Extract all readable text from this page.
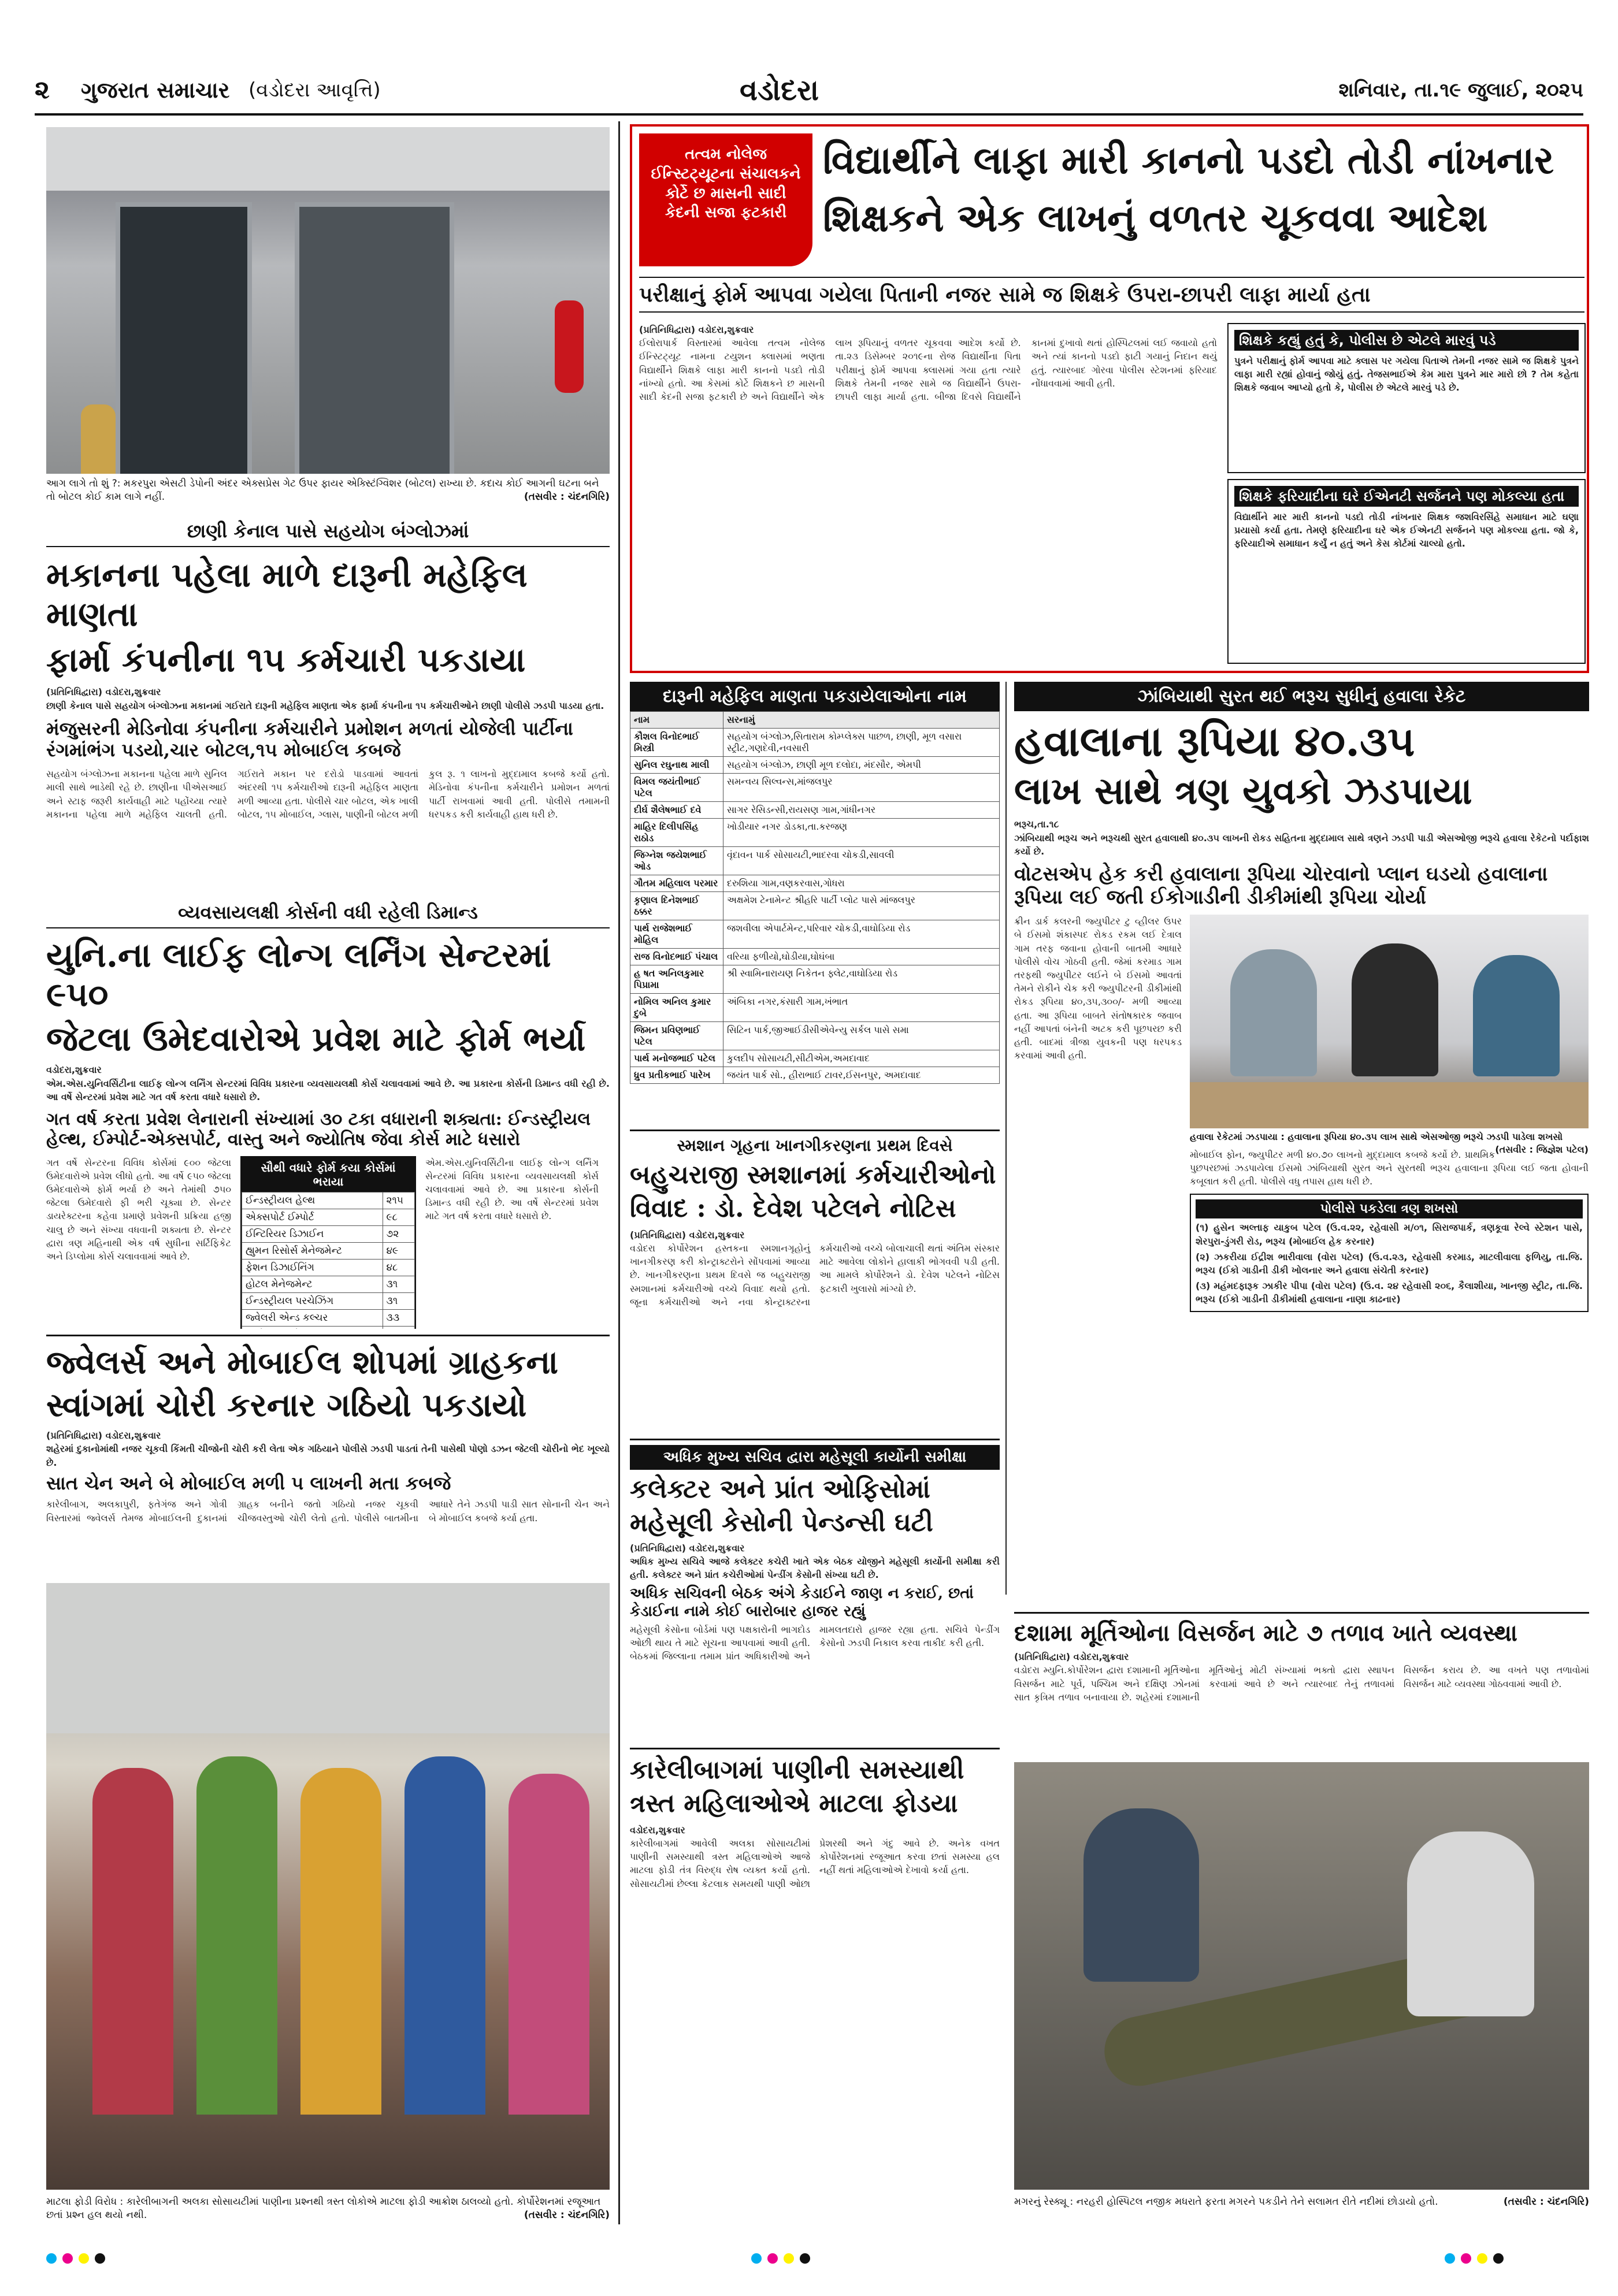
૨ ગુજરાત સમાચાર (વડોદરા આવૃત્તિ)	વડોદરા	શનિવાર, તા.૧૯ જુલાઈ, ૨૦૨૫
આગ લાગે તો શું ?: મકરપુરા એસટી ડેપોની અંદર એક્સપ્રેસ ગેટ ઉપર ફાયર એક્સ્ટિંગ્વિશર (બોટલ) રાખ્યા છે. કદાચ કોઈ આગની ઘટના બને તો બોટલ કોઈ કામ લાગે નહીં.	(તસવીર : ચંદનગિરિ)
છાણી કેનાલ પાસે સહયોગ બંગ્લોઝમાં
મકાનના પહેલા માળે દારૂની મહેફિલ માણતા
ફાર્મા કંપનીના ૧૫ કર્મચારી પકડાયા
(પ્રતિનિધિદ્વારા) વડોદરા,શુક્રવાર
છાણી કેનાલ પાસે સહયોગ બંગ્લોઝના મકાનમાં ગઈરાતે દારૂની મહેફિલ માણતા એક ફાર્મા કંપનીના ૧૫ કર્મચારીઓને છાણી પોલીસે ઝડપી પાડયા હતા.
મંજુસરની મેડિનોવા કંપનીના કર્મચારીને પ્રમોશન મળતાં યોજેલી પાર્ટીના રંગમાંભંગ પડયો,ચાર બોટલ,૧૫ મોબાઈલ કબજે
સહયોગ બંગ્લોઝના મકાનના પહેલા માળે સુનિલ માલી સાથે ભાડેથી રહે છે. છાણીના પીએસઆઈ અને સ્ટાફ જરૂરી કાર્યવાહી માટે પહોંચ્યા ત્યારે મકાનના પહેલા માળે મહેફિલ ચાલતી હતી. ગઈરાતે મકાન પર દરોડો પાડવામાં આવતાં અંદરથી ૧૫ કર્મચારીઓ દારૂની મહેફિલ માણતા મળી આવ્યા હતા. પોલીસે ચાર બોટલ, એક ખાલી બોટલ, ૧૫ મોબાઈલ, ગ્લાસ, પાણીની બોટલ મળી કુલ રૂ. ૧ લાખનો મુદ્દામાલ કબજે કર્યો હતો. મેડિનોવા કંપનીના કર્મચારીને પ્રમોશન મળતાં પાર્ટી રાખવામાં આવી હતી. પોલીસે તમામની ધરપકડ કરી કાર્યવાહી હાથ ધરી છે.
વ્યવસાયલક્ષી કોર્સની વધી રહેલી ડિમાન્ડ
યુનિ.ના લાઈફ લોન્ગ લર્નિંગ સેન્ટરમાં ૯૫૦
જેટલા ઉમેદવારોએ પ્રવેશ માટે ફોર્મ ભર્યા
વડોદરા,શુક્રવાર
એમ.એસ.યુનિવર્સિટીના લાઈફ લોન્ગ લર્નિંગ સેન્ટરમાં વિવિધ પ્રકારના વ્યવસાયલક્ષી કોર્સ ચલાવવામાં આવે છે. આ પ્રકારના કોર્સની ડિમાન્ડ વધી રહી છે. આ વર્ષે સેન્ટરમાં પ્રવેશ માટે ગત વર્ષ કરતા વધારે ધસારો છે.
ગત વર્ષ કરતા પ્રવેશ લેનારાની સંખ્યામાં ૩૦ ટકા વધારાની શક્યતા: ઈન્ડસ્ટ્રીયલ હેલ્થ, ઈમ્પોર્ટ-એક્સપોર્ટ, વાસ્તુ અને જ્યોતિષ જેવા કોર્સ માટે ધસારો
ગત વર્ષે સેન્ટરના વિવિધ કોર્સમાં ૯૦૦ જેટલા ઉમેદવારોએ પ્રવેશ લીધો હતો. આ વર્ષે ૯૫૦ જેટલા ઉમેદવારોએ ફોર્મ ભર્યા છે અને તેમાંથી ૭૫૦ જેટલા ઉમેદવારો ફી ભરી ચૂક્યા છે. સેન્ટર ડાયરેક્ટરના કહેવા પ્રમાણે પ્રવેશની પ્રક્રિયા હજી ચાલુ છે અને સંખ્યા વધવાની શક્યતા છે. સેન્ટર દ્વારા ત્રણ મહિનાથી એક વર્ષ સુધીના સર્ટિફિકેટ અને ડિપ્લોમા કોર્સ ચલાવવામાં આવે છે.
સૌથી વધારે ફોર્મ કયા કોર્સમાં ભરાયા
ઈન્ડસ્ટ્રીયલ હેલ્થ	૨૧૫
એક્સપોર્ટ ઈમ્પોર્ટ	૯૮
ઈન્ટિરિયર ડિઝાઈન	૭૨
હ્યુમન રિસોર્સ મેનેજમેન્ટ	૪૯
ફેશન ડિઝાઈનિંગ	૪૮
હોટલ મેનેજમેન્ટ	૩૧
ઈન્ડસ્ટ્રીયલ પરચેઝિંગ	૩૧
જ્વેલરી એન્ડ કલ્ચર	૩૩

એમ.એસ.યુનિવર્સિટીના લાઈફ લોન્ગ લર્નિંગ સેન્ટરમાં વિવિધ પ્રકારના વ્યવસાયલક્ષી કોર્સ ચલાવવામાં આવે છે. આ પ્રકારના કોર્સની ડિમાન્ડ વધી રહી છે. આ વર્ષે સેન્ટરમાં પ્રવેશ માટે ગત વર્ષ કરતા વધારે ધસારો છે.
જ્વેલર્સ અને મોબાઈલ શોપમાં ગ્રાહકના
સ્વાંગમાં ચોરી કરનાર ગઠિયો પકડાયો
(પ્રતિનિધિદ્વારા) વડોદરા,શુક્રવાર
શહેરમાં દુકાનોમાંથી નજર ચૂકવી કિંમતી ચીજોની ચોરી કરી લેતા એક ગઠિયાને પોલીસે ઝડપી પાડતાં તેની પાસેથી પોણો ડઝન જેટલી ચોરીનો ભેદ ખૂલ્યો છે.
સાત ચેન અને બે મોબાઈલ મળી ૫ લાખની મતા કબજે
કારેલીબાગ, અલકાપુરી, ફતેગંજ અને ગોત્રી વિસ્તારમાં જ્વેલર્સ તેમજ મોબાઈલની દુકાનમાં ગ્રાહક બનીને જતો ગઠિયો નજર ચૂકવી ચીજવસ્તુઓ ચોરી લેતો હતો. પોલીસે બાતમીના આધારે તેને ઝડપી પાડી સાત સોનાની ચેન અને બે મોબાઈલ કબજે કર્યા હતા.
માટલા ફોડી વિરોધ : કારેલીબાગની અલકા સોસાયટીમાં પાણીના પ્રશ્નથી ત્રસ્ત લોકોએ માટલા ફોડી આક્રોશ ઠાલવ્યો હતો. કોર્પોરેશનમાં રજૂઆત છતાં પ્રશ્ન હલ થયો નથી.	(તસવીર : ચંદનગિરિ)
તત્વમ નોલેજ ઈન્સ્ટિટ્યૂટના સંચાલકને કોર્ટે છ માસની સાદી કેદની સજા ફટકારી
વિદ્યાર્થીને લાફા મારી કાનનો પડદો તોડી નાંખનાર
શિક્ષકને એક લાખનું વળતર ચૂકવવા આદેશ
પરીક્ષાનું ફોર્મ આપવા ગયેલા પિતાની નજર સામે જ શિક્ષકે ઉપરા-છાપરી લાફા માર્યા હતા
(પ્રતિનિધિદ્વારા) વડોદરા,શુક્રવાર
ઈલોરાપાર્ક વિસ્તારમાં આવેલા તત્વમ નોલેજ ઈન્સ્ટિટ્યૂટ નામના ટયુશન ક્લાસમાં ભણતા વિદ્યાર્થીને શિક્ષકે લાફા મારી કાનનો પડદો તોડી નાંખ્યો હતો. આ કેસમાં કોર્ટે શિક્ષકને છ માસની સાદી કેદની સજા ફટકારી છે અને વિદ્યાર્થીને એક લાખ રૂપિયાનું વળતર ચૂકવવા આદેશ કર્યો છે. તા.૨૩ ડિસેમ્બર ૨૦૧૯ના રોજ વિદ્યાર્થીના પિતા પરીક્ષાનું ફોર્મ આપવા ક્લાસમાં ગયા હતા ત્યારે શિક્ષકે તેમની નજર સામે જ વિદ્યાર્થીને ઉપરા-છાપરી લાફા માર્યા હતા. બીજા દિવસે વિદ્યાર્થીને કાનમાં દુખાવો થતાં હોસ્પિટલમાં લઈ જવાયો હતો અને ત્યાં કાનનો પડદો ફાટી ગયાનું નિદાન થયું હતું. ત્યારબાદ ગોરવા પોલીસ સ્ટેશનમાં ફરિયાદ નોંધાવવામાં આવી હતી.
શિક્ષકે કહ્યું હતું કે, પોલીસ છે એટલે મારવું પડે
પુત્રને પરીક્ષાનું ફોર્મ આપવા માટે ક્લાસ પર ગયેલા પિતાએ તેમની નજર સામે જ શિક્ષકે પુત્રને લાફા મારી રહ્યાં હોવાનું જોયું હતું. તેજસભાઈએ કેમ મારા પુત્રને માર મારો છો ? તેમ કહેતા શિક્ષકે જવાબ આપ્યો હતો કે, પોલીસ છે એટલે મારવું પડે છે.
શિક્ષકે ફરિયાદીના ઘરે ઈએનટી સર્જનને પણ મોકલ્યા હતા
વિદ્યાર્થીને માર મારી કાનનો પડદો તોડી નાંખનાર શિક્ષક જશવિરસિંહે સમાધાન માટે ઘણા પ્રયાસો કર્યા હતા. તેમણે ફરિયાદીના ઘરે એક ઈએનટી સર્જનને પણ મોકલ્યા હતા. જો કે, ફરિયાદીએ સમાધાન કર્યું ન હતું અને કેસ કોર્ટમાં ચાલ્યો હતો.
દારૂની મહેફિલ માણતા પકડાયેલાઓના નામ
નામ	સરનામું
કૌશલ વિનોદભાઈ મિસ્ત્રી	સહયોગ બંગ્લોઝ,સિતારામ કોમ્પ્લેક્સ પાછળ, છાણી, મૂળ વસારા સ્ટ્રીટ,ગણદેવી,નવસારી
સુનિલ રઘુનાથ માલી	સહયોગ બંગ્લોઝ, છાણી મૂળ દલોદા, મંદસૌર, એમપી
વિમલ જયંતીભાઈ પટેલ	સમન્વય સિલ્વન્સ,માંજલપુર
દીર્ઘ શૈલેષભાઈ દવે	સાગર રેસિડન્સી,રાયસણ ગામ,ગાંધીનગર
માહિર દિલીપસિંહ રાઠોડ	ખોડીયાર નગર ડોડકા,તા.કરજણ
જિગ્નેશ જયેશભાઈ ઓડ	વૃંદાવન પાર્ક સોસાયટી,ભાદરવા ચોકડી,સાવલી
ગૌતમ મહિલાલ પરમાર	દરુશિયા ગામ,વણકરવાસ,ગોધરા
કૃણાલ દિનેશભાઈ ઠક્કર	અક્ષમેશ ટેનામેન્ટ શ્રીહરિ પાર્ટી પ્લોટ પાસે માંજલપુર
પાર્થ રાજેશભાઈ મોહિલ	જશવીલા એપાર્ટમેન્ટ,પરિવાર ચોકડી,વાઘોડિયા રોડ
રાજ વિનોદભાઈ પંચાલ	વરિયા ફળીયો,ઘોડીયા,ઘોઘંબા
હ ષત અનિલકુમાર પિપ્રામા	શ્રી સ્વામિનારાયણ નિકેતન ફ્લેટ,વાઘોડિયા રોડ
નોમિલ અનિલ કુમાર દુબે	અંબિકા નગર,કંસારી ગામ,ખંભાત
જિમન પ્રવિણભાઈ પટેલ	સિટિન પાર્ક,જીઆઈડીસીએવેન્યુ સર્કલ પાસે સમા
પાર્થ મનોજભાઈ પટેલ	કુલદીપ સોસાયટી,સીટીએમ,અમદાવાદ
ધ્રુવ પ્રતીકભાઈ પારેખ	જયંત પાર્ક સો., હીરાભાઈ ટાવર,ઈસનપુર, અમદાવાદ
સ્મશાન ગૃહના ખાનગીકરણના પ્રથમ દિવસે
બહુચરાજી સ્મશાનમાં કર્મચારીઓનો
વિવાદ : ડો. દેવેશ પટેલને નોટિસ
(પ્રતિનિધિદ્વારા) વડોદરા,શુક્રવાર
વડોદરા કોર્પોરેશન હસ્તકના સ્મશાનગૃહોનું ખાનગીકરણ કરી કોન્ટ્રાક્ટરોને સોંપવામાં આવ્યા છે. ખાનગીકરણના પ્રથમ દિવસે જ બહુચરાજી સ્મશાનમાં કર્મચારીઓ વચ્ચે વિવાદ થયો હતો. જૂના કર્મચારીઓ અને નવા કોન્ટ્રાક્ટરના કર્મચારીઓ વચ્ચે બોલાચાલી થતાં અંતિમ સંસ્કાર માટે આવેલા લોકોને હાલાકી ભોગવવી પડી હતી. આ મામલે કોર્પોરેશને ડો. દેવેશ પટેલને નોટિસ ફટકારી ખુલાસો માંગ્યો છે.
અધિક મુખ્ય સચિવ દ્વારા મહેસૂલી કાર્યોની સમીક્ષા
કલેક્ટર અને પ્રાંત ઓફિસોમાં
મહેસૂલી કેસોની પેન્ડન્સી ઘટી
(પ્રતિનિધિદ્વારા) વડોદરા,શુક્રવાર
અધિક મુખ્ય સચિવે આજે કલેક્ટર કચેરી ખાતે એક બેઠક યોજીને મહેસૂલી કાર્યોની સમીક્ષા કરી હતી. કલેક્ટર અને પ્રાંત કચેરીઓમાં પેન્ડીંગ કેસોની સંખ્યા ઘટી છે.
અધિક સચિવની બેઠક અંગે કેડાઈને જાણ ન કરાઈ, છતાં કેડાઈના નામે કોઈ બારોબાર હાજર રહ્યું
મહેસૂલી કેસોના બોર્ડમાં પણ પક્ષકારોની ભાગદોડ ઓછી થાય તે માટે સૂચના આપવામાં આવી હતી. બેઠકમાં જિલ્લાના તમામ પ્રાંત અધિકારીઓ અને મામલતદારો હાજર રહ્યા હતા. સચિવે પેન્ડીંગ કેસોનો ઝડપી નિકાલ કરવા તાકીદ કરી હતી.
કારેલીબાગમાં પાણીની સમસ્યાથી
ત્રસ્ત મહિલાઓએ માટલા ફોડયા
વડોદરા,શુક્રવાર
કારેલીબાગમાં આવેલી અલકા સોસાયટીમાં પાણીની સમસ્યાથી ત્રસ્ત મહિલાઓએ આજે માટલા ફોડી તંત્ર વિરુદ્ધ રોષ વ્યક્ત કર્યો હતો. સોસાયટીમાં છેલ્લા કેટલાક સમયથી પાણી ઓછા પ્રેશરથી અને ગંદુ આવે છે. અનેક વખત કોર્પોરેશનમાં રજૂઆત કરવા છતાં સમસ્યા હલ નહીં થતાં મહિલાઓએ દેખાવો કર્યા હતા.
ઝાંબિયાથી સુરત થઈ ભરૂચ સુધીનું હવાલા રેકેટ
હવાલાના રૂપિયા ૪૦.૩૫
લાખ સાથે ત્રણ યુવકો ઝડપાયા
ભરૂચ,તા.૧૮
ઝાંબિયાથી ભરૂચ અને ભરૂચથી સુરત હવાલાથી ૪૦.૩૫ લાખની રોકડ સહિતના મુદ્દામાલ સાથે ત્રણને ઝડપી પાડી એસઓજી ભરૂચે હવાલા રેકેટનો પર્દાફાશ કર્યો છે.
વોટસએપ હેક કરી હવાલાના રૂપિયા ચોરવાનો પ્લાન ઘડયો હવાલાના રૂપિયા લઈ જતી ઈકોગાડીની ડીકીમાંથી રૂપિયા ચોર્યા
ક્રીન ડાર્ક કલરની જ્યુપીટર ટુ વ્હીલર ઉપર બે ઈસમો શંકાસ્પદ રોકડ રકમ લઈ દેત્રાલ ગામ તરફ જવાના હોવાની બાતમી આધારે પોલીસે વોચ ગોઠવી હતી. જેમાં કરમાડ ગામ તરફથી જ્યુપીટર લઈને બે ઈસમો આવતાં તેમને રોકીને ચેક કરી જ્યુપીટરની ડીકીમાંથી રોકડ રૂપિયા ૪૦,૩૫,૩૦૦/- મળી આવ્યા હતા. આ રૂપિયા બાબતે સંતોષકારક જવાબ નહીં આપતાં બંનેની અટક કરી પૂછપરછ કરી હતી. બાદમાં ત્રીજા યુવકની પણ ધરપકડ કરવામાં આવી હતી.
હવાલા રેકેટમાં ઝડપાયા : હવાલાના રૂપિયા ૪૦.૩૫ લાખ સાથે એસઓજી ભરૂચે ઝડપી પાડેલા શખસો
(તસવીર : જિજ્ઞેશ પટેલ)
મોબાઈલ ફોન, જ્યુપીટર મળી ૪૦.૭૦ લાખનો મુદ્દામાલ કબજે કર્યો છે. પ્રાથમિક પુછપરછમાં ઝડપાયેલા ઈસમો ઝાંબિયાથી સુરત અને સુરતથી ભરૂચ હવાલાના રૂપિયા લઈ જતા હોવાની કબૂલાત કરી હતી. પોલીસે વધુ તપાસ હાથ ધરી છે.
પોલીસે પકડેલા ત્રણ શખસો
(૧) હુસેન અલ્તાફ યાકુબ પટેલ (ઉ.વ.૨૨, રહેવાસી મ/૦૧, સિરાજપાર્ક, ત્રણકૂવા રેલ્વે સ્ટેશન પાસે, શેરપુરા-ડુંગરી રોડ, ભરૂચ (મોબાઈલ હેક કરનાર)
(૨) ઝકરીયા ઈદ્રીશ ભારીવાલા (વોરા પટેલ) (ઉ.વ.૨૩, રહેવાસી કરમાડ, માટલીવાલા ફળિયુ, તા.જિ. ભરૂચ (ઈકો ગાડીની ડીકી ખોલનાર અને હવાલા સંચેતી કરનાર)
(૩) મહંમદફારૂક ઝાકીર પીપા (વોરા પટેલ) (ઉ.વ. ૨૪ રહેવાસી ૨૦૬, કૈલાશીયા, ખાનજી સ્ટ્રીટ, તા.જિ. ભરૂચ (ઈકો ગાડીની ડીકીમાંથી હવાલાના નાણા કાઢનાર)
દશામા મૂર્તિઓના વિસર્જન માટે ૭ તળાવ ખાતે વ્યવસ્થા
(પ્રતિનિધિદ્વારા) વડોદરા,શુક્રવાર
વડોદરા મ્યુનિ.કોર્પોરેશન દ્વારા દશામાની મૂર્તિઓના વિસર્જન માટે પૂર્વ, પશ્ચિમ અને દક્ષિણ ઝોનમાં સાત કૃત્રિમ તળાવ બનાવાયા છે. શહેરમાં દશામાની મૂર્તિઓનું મોટી સંખ્યામાં ભક્તો દ્વારા સ્થાપન કરવામાં આવે છે અને ત્યારબાદ તેનું તળાવમાં વિસર્જન કરાય છે. આ વખતે પણ તળાવોમાં વિસર્જન માટે વ્યવસ્થા ગોઠવવામાં આવી છે.
મગરનું રેસ્ક્યૂ : નરહરી હોસ્પિટલ નજીક મધરાતે ફરતા મગરને પકડીને તેને સલામત રીતે નદીમાં છોડાયો હતો.	(તસવીર : ચંદનગિરિ)
